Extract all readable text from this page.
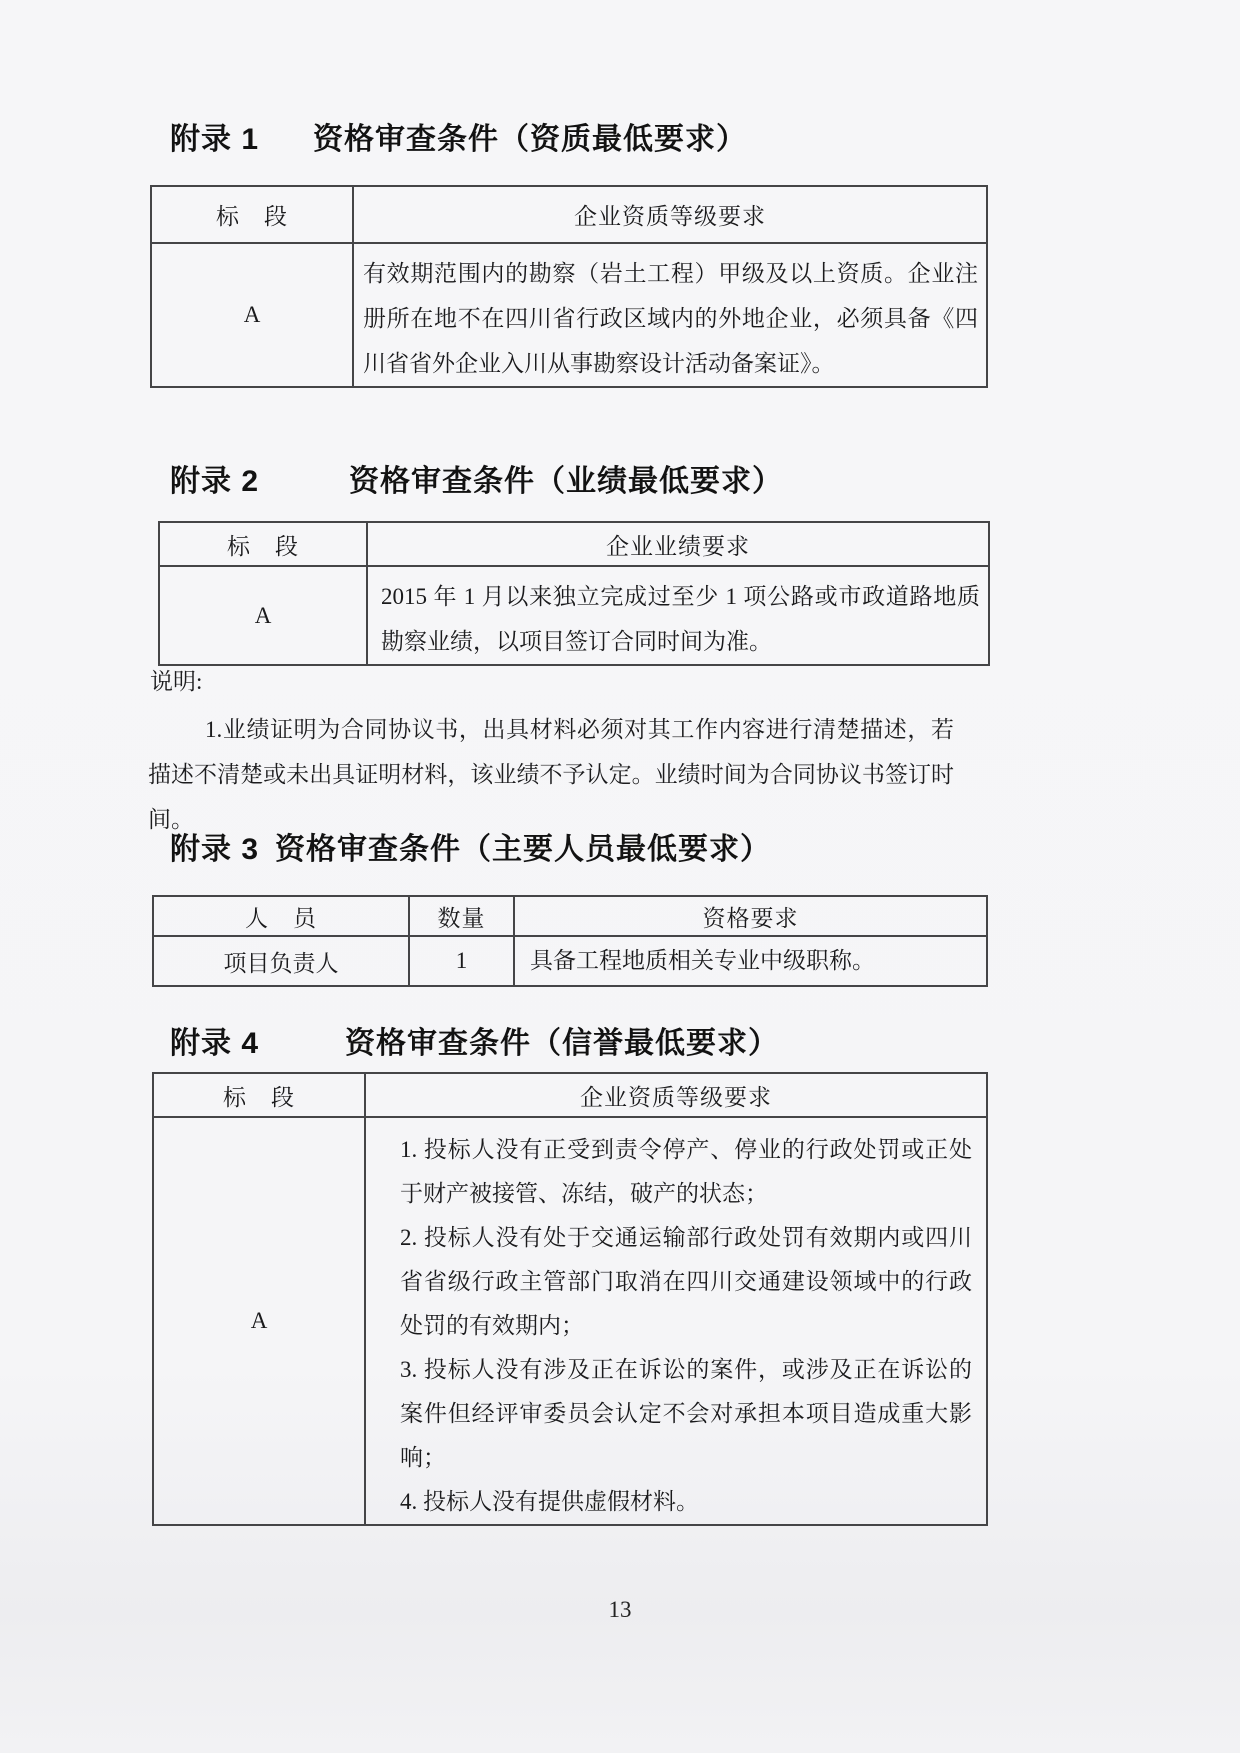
附录 1 资格审查条件（资质最低要求）
标　段	企业资质等级要求
A	有效期范围内的勘察（岩土工程）甲级及以上资质。企业注册所在地不在四川省行政区域内的外地企业，必须具备《四川省省外企业入川从事勘察设计活动备案证》。
附录 2	资格审查条件（业绩最低要求）
标　段	企业业绩要求
A	2015 年 1 月以来独立完成过至少 1 项公路或市政道路地质勘察业绩，以项目签订合同时间为准。

说明:

1.业绩证明为合同协议书，出具材料必须对其工作内容进行清楚描述，若描述不清楚或未出具证明材料，该业绩不予认定。业绩时间为合同协议书签订时间。

附录 3 资格审查条件（主要人员最低要求）
人　员	数量	资格要求
项目负责人	1	具备工程地质相关专业中级职称。
附录 4	资格审查条件（信誉最低要求）
标　段	企业资质等级要求
A	1. 投标人没有正受到责令停产、停业的行政处罚或正处于财产被接管、冻结，破产的状态；

2. 投标人没有处于交通运输部行政处罚有效期内或四川省省级行政主管部门取消在四川交通建设领域中的行政处罚的有效期内；

3. 投标人没有涉及正在诉讼的案件，或涉及正在诉讼的案件但经评审委员会认定不会对承担本项目造成重大影响；

4. 投标人没有提供虚假材料。

13
